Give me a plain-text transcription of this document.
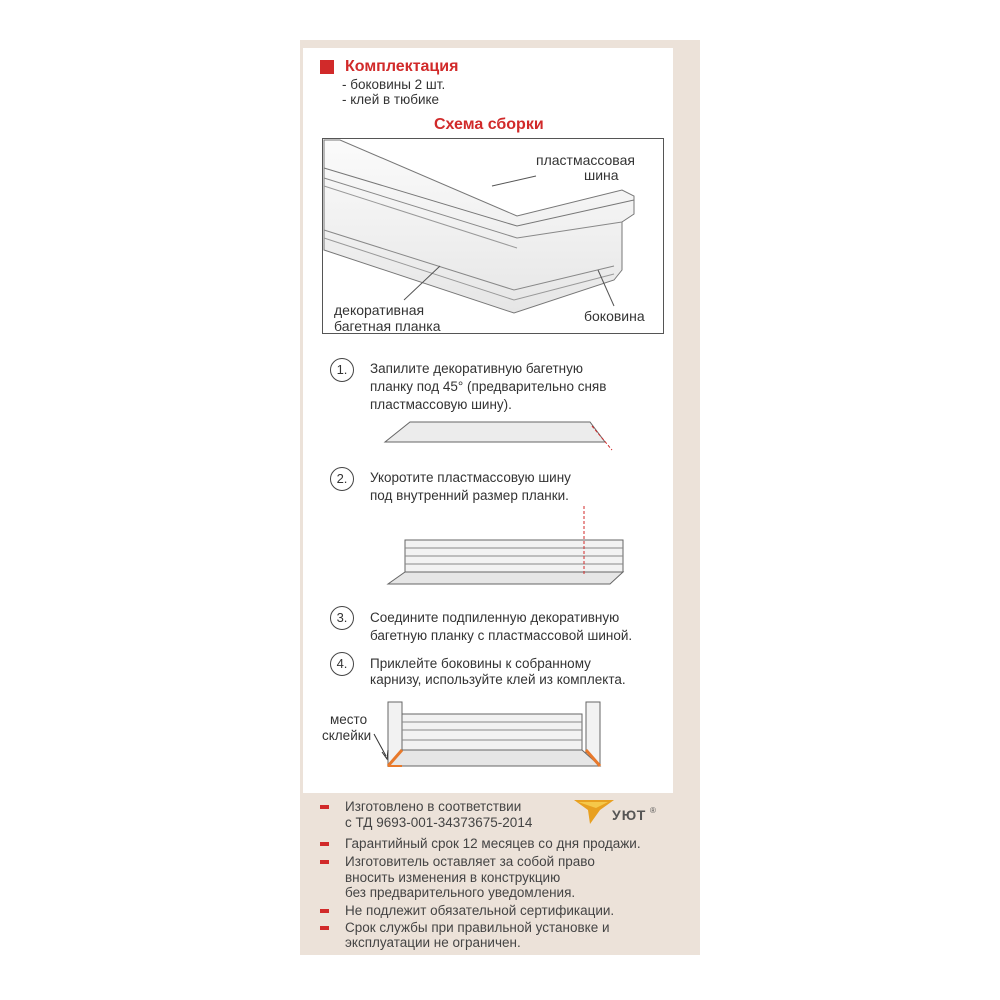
Комплектация
- боковины 2 шт.
- клей в тюбике
Схема сборки
пластмассовая
шина
декоративная
багетная планка
боковина
1.	Запилите декоративную багетную
планку под 45° (предварительно сняв
пластмассовую шину).
2.	Укоротите пластмассовую шину
под внутренний размер планки.
3.	Соедините подпиленную декоративную
багетную планку с пластмассовой шиной.
4.	Приклейте боковины к собранному
карнизу, используйте клей из комплекта.
место
склейки
Изготовлено в соответствии
с ТД 9693-001-34373675-2014
Гарантийный срок 12 месяцев со дня продажи.
Изготовитель оставляет за собой право
вносить изменения в конструкцию
без предварительного уведомления.
Не подлежит обязательной сертификации.
Срок службы при правильной установке и
эксплуатации не ограничен.
УЮТ ®
